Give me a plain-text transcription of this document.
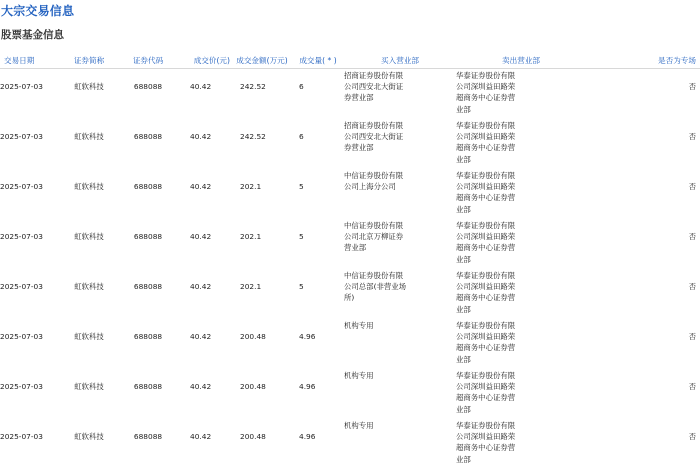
大宗交易信息
股票基金信息
交易日期	证券简称	证券代码	成交价(元)	成交金额(万元)	成交量( * )	买入营业部	卖出营业部	是否为专场

2025-07-03	虹软科技	688088	40.42	242.52	6	招商证券股份有限公司西安北大街证券营业部	华泰证券股份有限公司深圳益田路荣超商务中心证券营业部	否

2025-07-03	虹软科技	688088	40.42	242.52	6	招商证券股份有限公司西安北大街证券营业部	华泰证券股份有限公司深圳益田路荣超商务中心证券营业部	否

2025-07-03	虹软科技	688088	40.42	202.1	5	中信证券股份有限公司上海分公司	华泰证券股份有限公司深圳益田路荣超商务中心证券营业部	否

2025-07-03	虹软科技	688088	40.42	202.1	5	中信证券股份有限公司北京万柳证券营业部	华泰证券股份有限公司深圳益田路荣超商务中心证券营业部	否

2025-07-03	虹软科技	688088	40.42	202.1	5	中信证券股份有限公司总部(非营业场所)	华泰证券股份有限公司深圳益田路荣超商务中心证券营业部	否

2025-07-03	虹软科技	688088	40.42	200.48	4.96	机构专用	华泰证券股份有限公司深圳益田路荣超商务中心证券营业部	否

2025-07-03	虹软科技	688088	40.42	200.48	4.96	机构专用	华泰证券股份有限公司深圳益田路荣超商务中心证券营业部	否

2025-07-03	虹软科技	688088	40.42	200.48	4.96	机构专用	华泰证券股份有限公司深圳益田路荣超商务中心证券营业部	否
